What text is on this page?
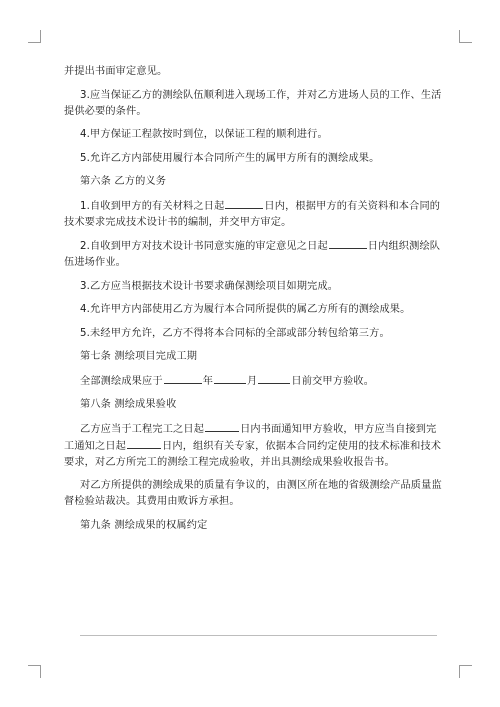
并提出书面审定意见。

3.应当保证乙方的测绘队伍顺利进入现场工作，并对乙方进场人员的工作、生活提供必要的条件。

4.甲方保证工程款按时到位，以保证工程的顺利进行。

5.允许乙方内部使用履行本合同所产生的属甲方所有的测绘成果。

第六条 乙方的义务

1.自收到甲方的有关材料之日起	日内，根据甲方的有关资料和本合同的技术要求完成技术设计书的编制，并交甲方审定。

2.自收到甲方对技术设计书同意实施的审定意见之日起	日内组织测绘队伍进场作业。

3.乙方应当根据技术设计书要求确保测绘项目如期完成。

4.允许甲方内部使用乙方为履行本合同所提供的属乙方所有的测绘成果。

5.未经甲方允许，乙方不得将本合同标的全部或部分转包给第三方。

第七条 测绘项目完成工期

全部测绘成果应于	年	月	日前交甲方验收。

第八条 测绘成果验收

乙方应当于工程完工之日起	日内书面通知甲方验收，甲方应当自接到完工通知之日起	日内，组织有关专家，依据本合同约定使用的技术标准和技术要求，对乙方所完工的测绘工程完成验收，并出具测绘成果验收报告书。

对乙方所提供的测绘成果的质量有争议的，由测区所在地的省级测绘产品质量监督检验站裁决。其费用由败诉方承担。

第九条 测绘成果的权属约定
